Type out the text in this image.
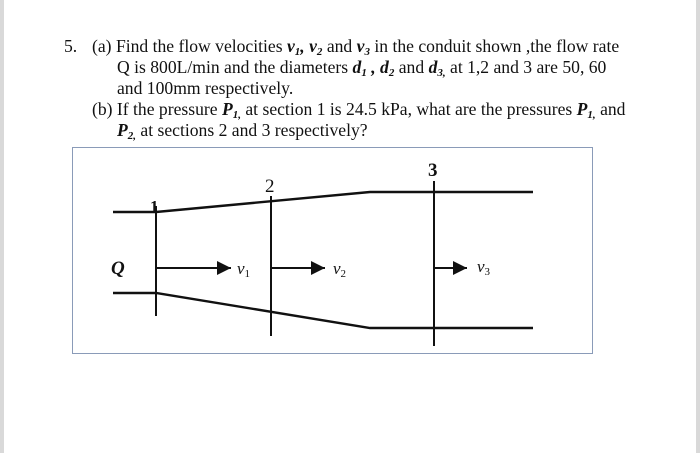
5. (a) Find the flow velocities $v_1$, $v_2$ and $v_3$ in the conduit shown ,the flow rate
Q is 800L/min and the diameters $d_1$ , $d_2$ and $d_{3,}$ at 1,2 and 3 are 50, 60
and 100mm respectively.
(b) If the pressure $P_{1,}$ at section 1 is 24.5 kPa, what are the pressures $P_{1,}$ and
$P_{2,}$ at sections 2 and 3 respectively?
Q
1
2
3
v1	v2	v3
